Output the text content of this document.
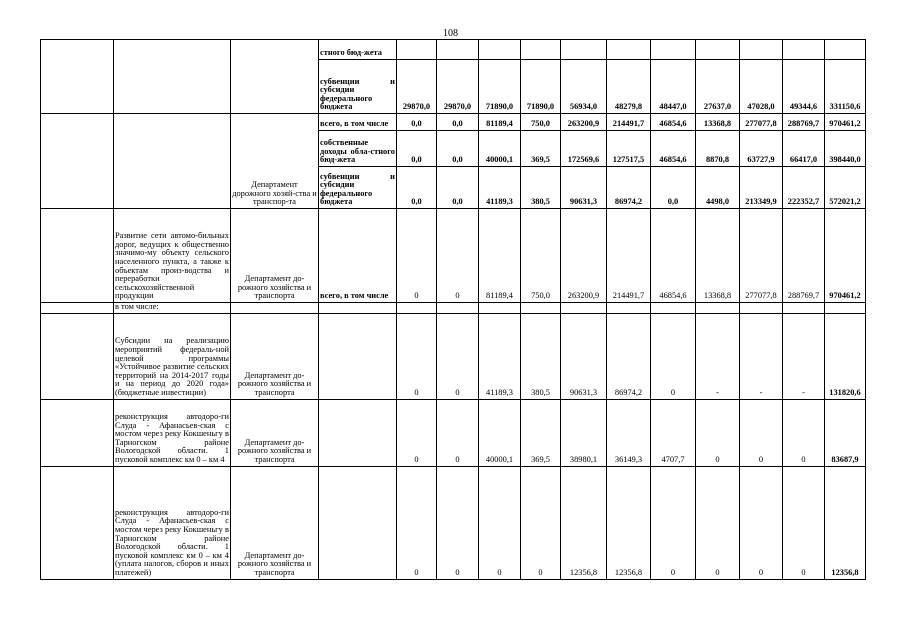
108
			стного бюд-жета											
			субвенции и субсидии федерального бюджета	29870,0	29870,0	71890,0	71890,0	56934,0	48279,8	48447,0	27637,0	47028,0	49344,6	331150,6
		Департамент дорожного хозяй-ства и транспор-та	всего, в том числе	0,0	0,0	81189,4	750,0	263200,9	214491,7	46854,6	13368,8	277077,8	288769,7	970461,2
			собственные доходы обла-стного бюд-жета	0,0	0,0	40000,1	369,5	172569,6	127517,5	46854,6	8870,8	63727,9	66417,0	398440,0
			субвенции и субсидии федерального бюджета	0,0	0,0	41189,3	380,5	90631,3	86974,2	0,0	4498,0	213349,9	222352,7	572021,2
	Развитие сети автомо-бильных дорог, ведущих к общественно значимо-му объекту сельского населенного пункта, а также к объектам произ-водства и переработки сельскохозяйственной продукции	Департамент до-рожного хозяйства и транспорта	всего, в том числе	0	0	81189,4	750,0	263200,9	214491,7	46854,6	13368,8	277077,8	288769,7	970461,2
	в том числе:													
	Субсидии на реализацию мероприятий федераль-ной целевой программы «Устойчивое развитие сельских территорий на 2014-2017 годы и на период до 2020 года» (бюджетные инвестиции)	Департамент до-рожного хозяйства и транспорта		0	0	41189,3	380,5	90631,3	86974,2	0	-	-	-	131820,6
	реконструкция автодоро-ги Слуда - Афанасьев-ская с мостом через реку Кокшеньгу в Тарногском районе Вологодской области. 1 пусковой комплекс км 0 – км 4	Департамент до-рожного хозяйства и транспорта		0	0	40000,1	369,5	38980,1	36149,3	4707,7	0	0	0	83687,9
	реконструкция автодоро-ги Слуда - Афанасьев-ская с мостом через реку Кокшеньгу в Тарногском районе Вологодской области. 1 пусковой комплекс км 0 – км 4 (уплата налогов, сборов и иных платежей)	Департамент до-рожного хозяйства и транспорта		0	0	0	0	12356,8	12356,8	0	0	0	0	12356,8
